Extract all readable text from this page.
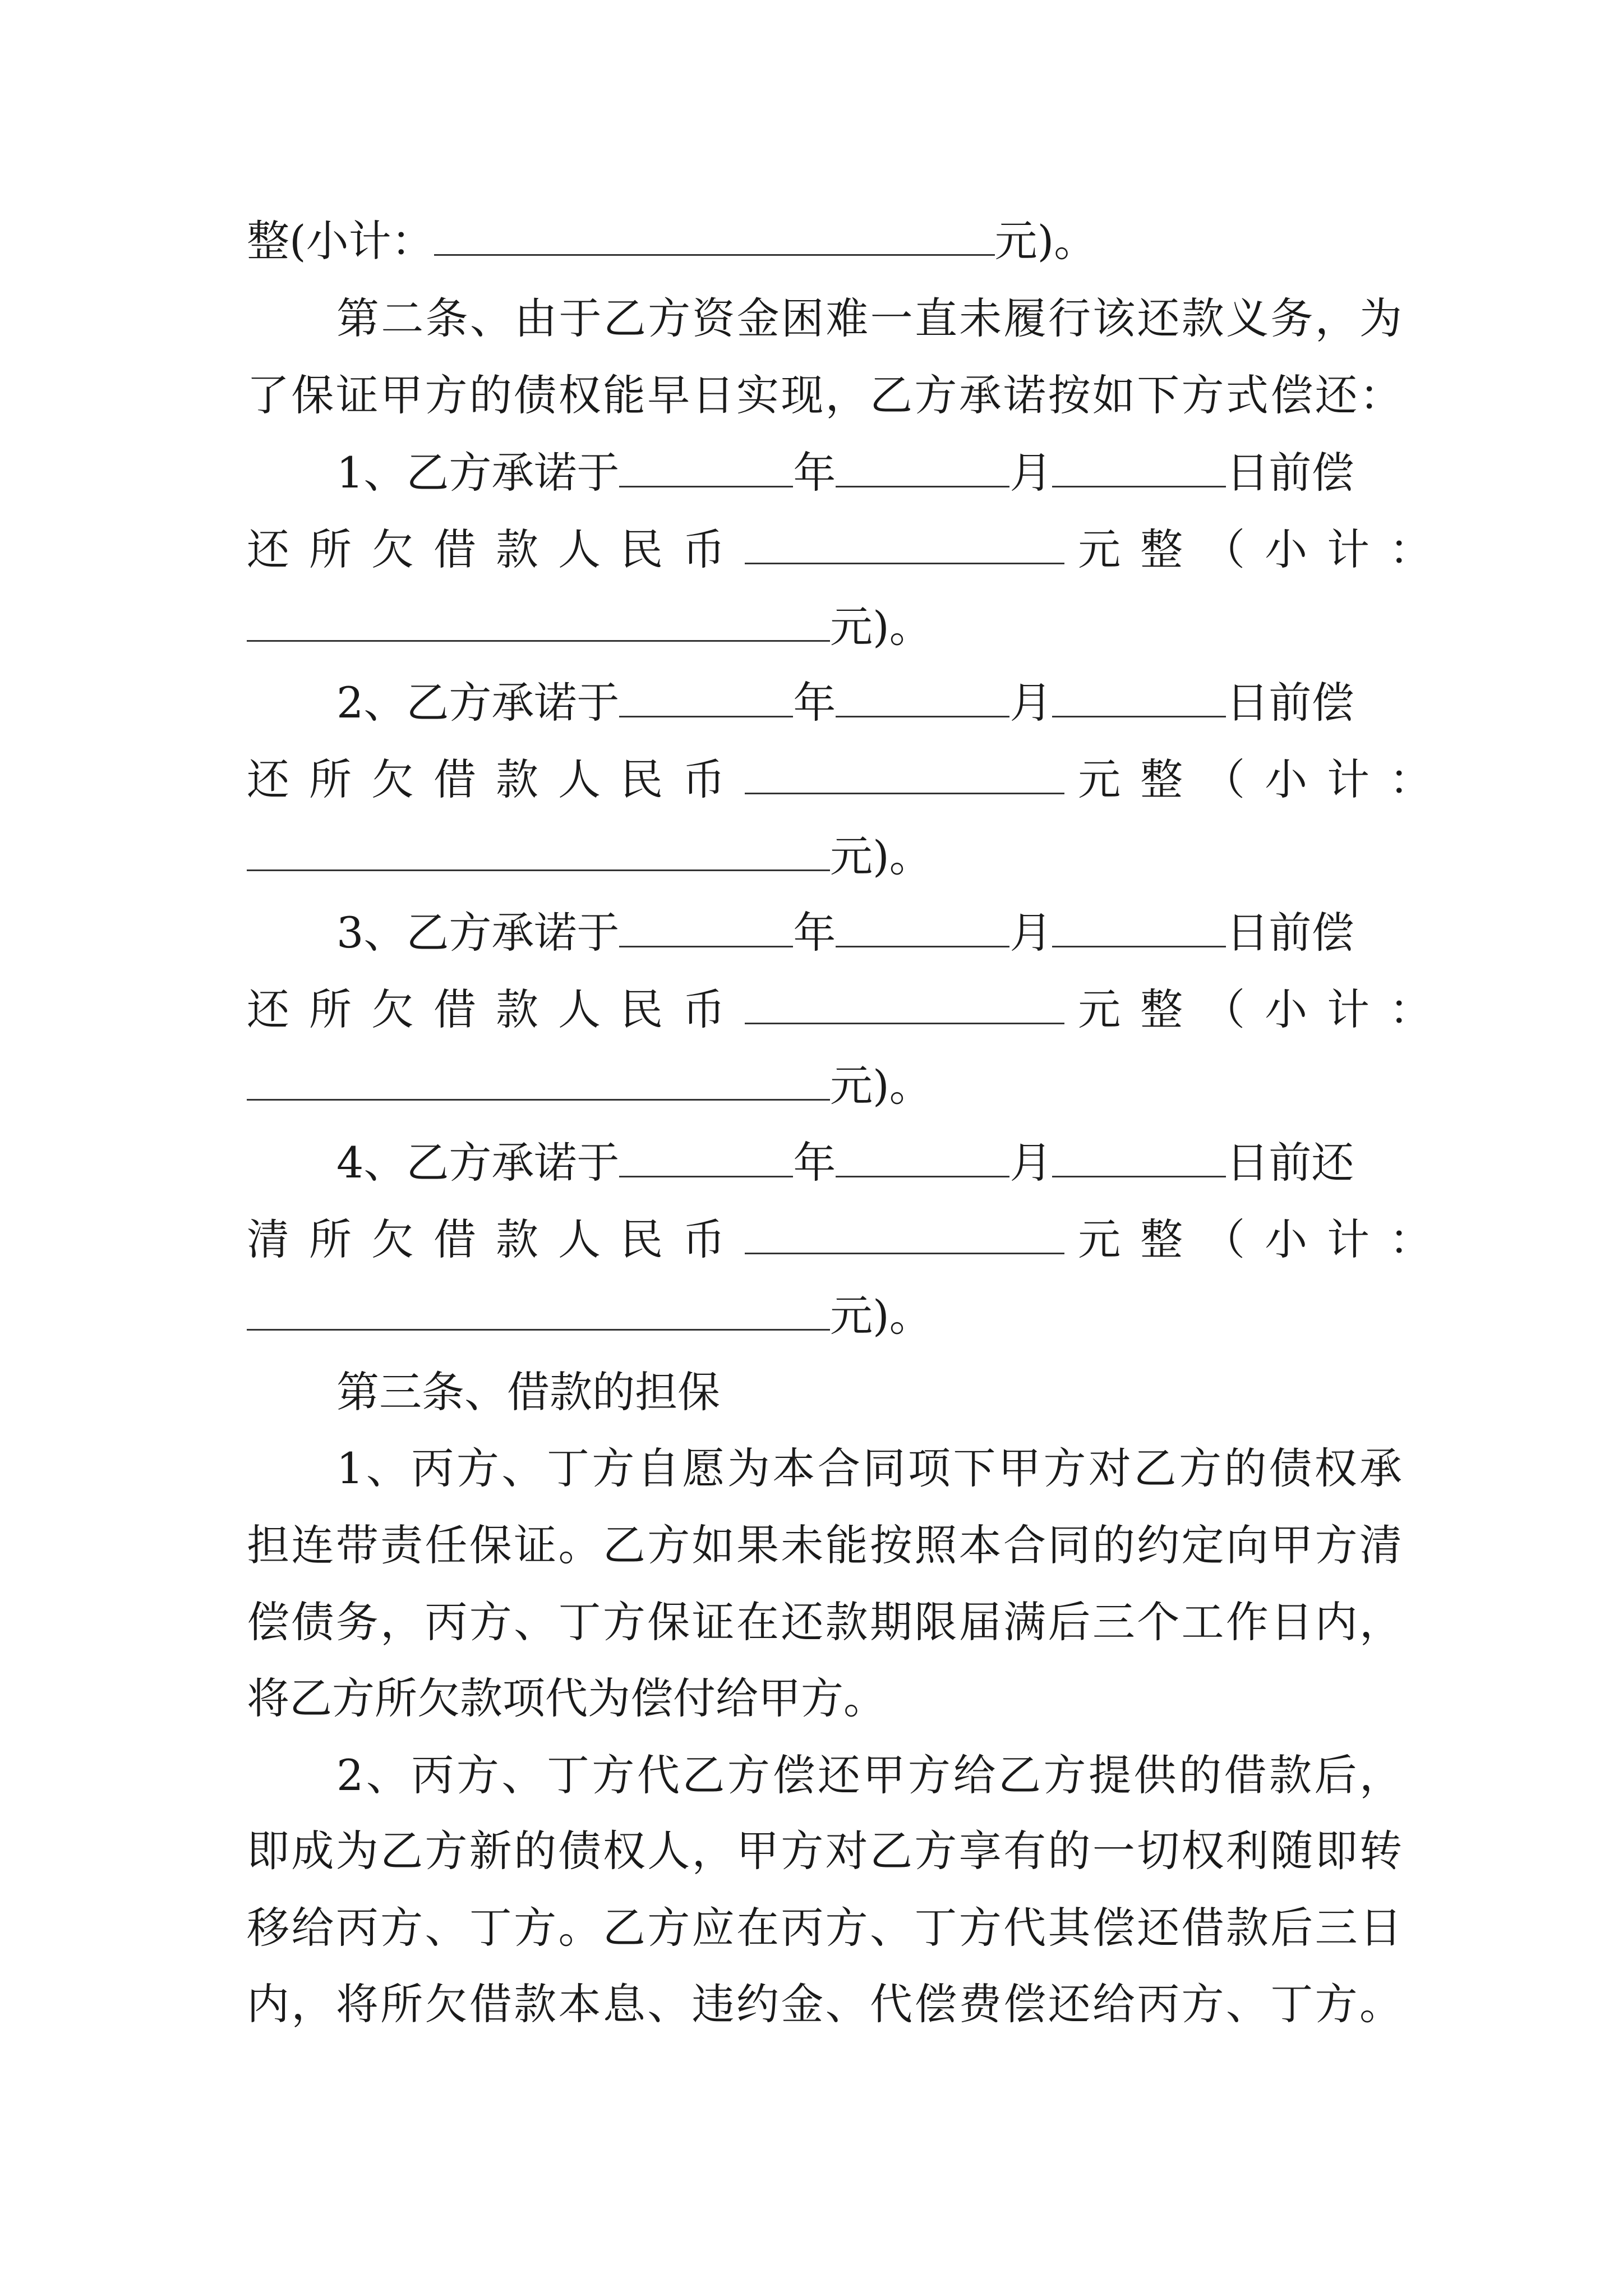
整(小计：	元)。
第二条、由于乙方资金困难一直未履行该还款义务，为
了保证甲方的债权能早日实现，乙方承诺按如下方式偿还：
1、乙方承诺于	年	月	日前偿
还所欠借款人民币	元整（小计：
元)。
2、乙方承诺于	年	月	日前偿
还所欠借款人民币	元整（小计：
元)。
3、乙方承诺于	年	月	日前偿
还所欠借款人民币	元整（小计：
元)。
4、乙方承诺于	年	月	日前还
清所欠借款人民币	元整（小计：
元)。
第三条、借款的担保
1、丙方、丁方自愿为本合同项下甲方对乙方的债权承
担连带责任保证。乙方如果未能按照本合同的约定向甲方清
偿债务，丙方、丁方保证在还款期限届满后三个工作日内，
将乙方所欠款项代为偿付给甲方。
2、丙方、丁方代乙方偿还甲方给乙方提供的借款后，
即成为乙方新的债权人，甲方对乙方享有的一切权利随即转
移给丙方、丁方。乙方应在丙方、丁方代其偿还借款后三日
内，将所欠借款本息、违约金、代偿费偿还给丙方、丁方。
